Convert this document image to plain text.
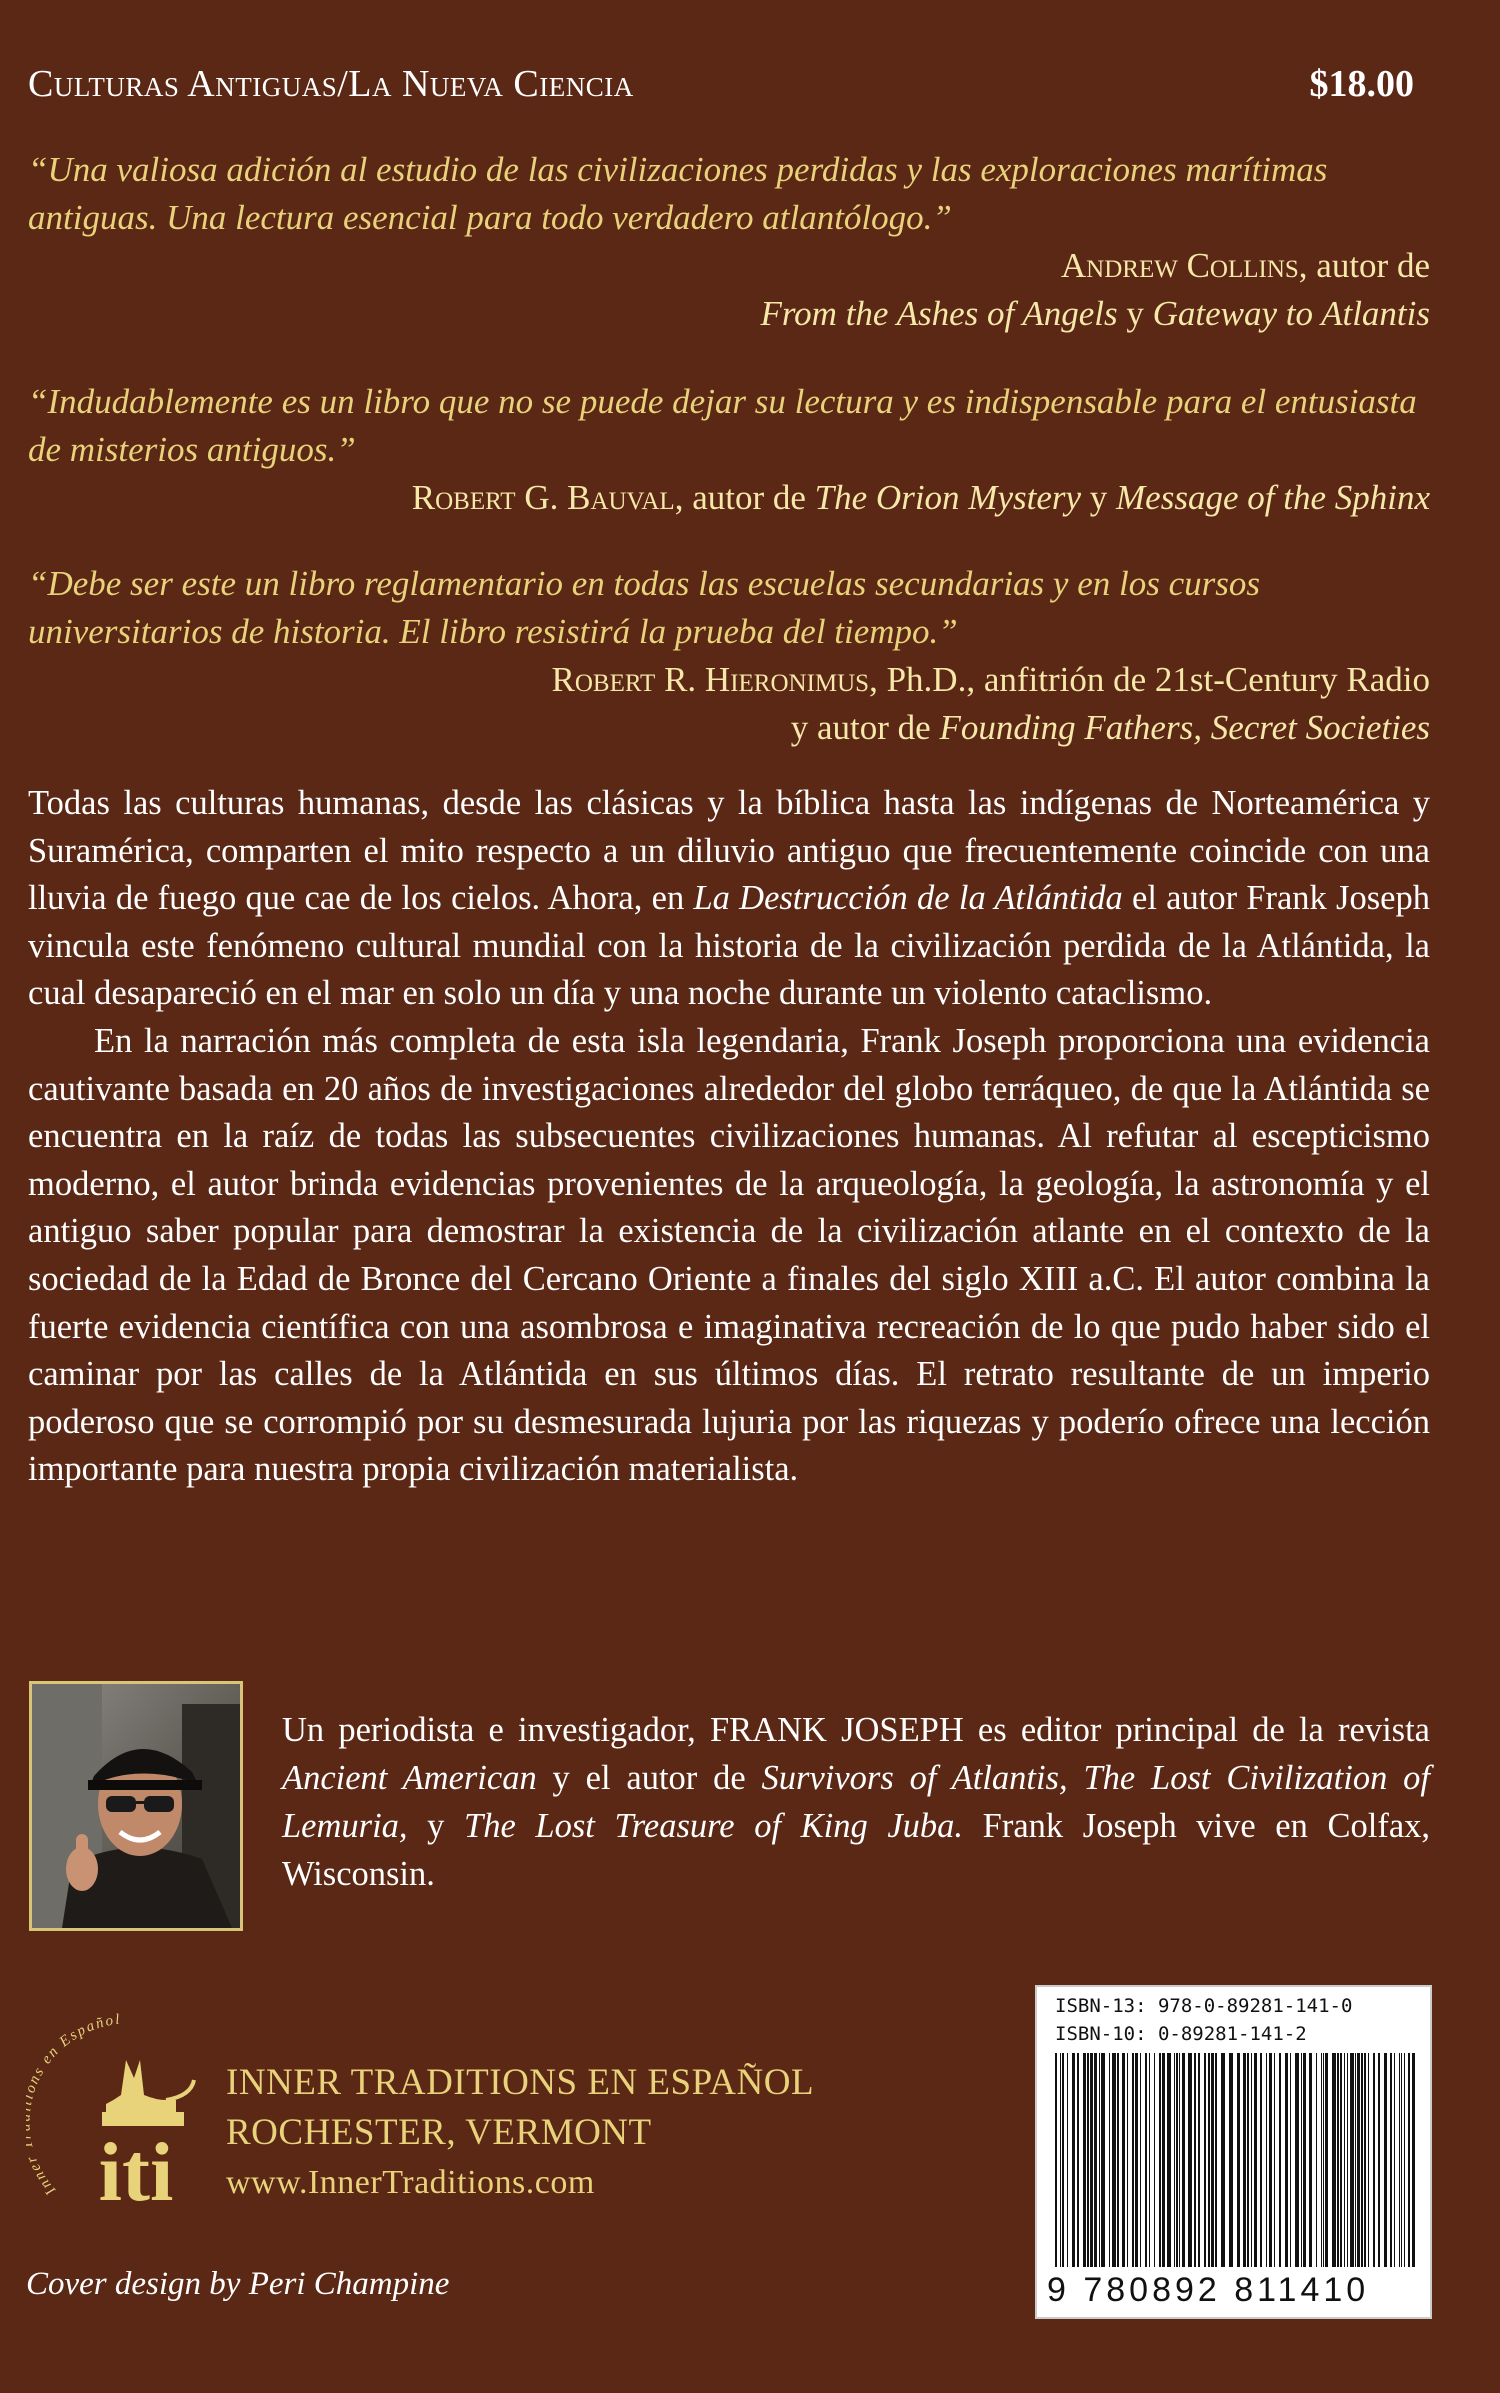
Culturas Antiguas/La Nueva Ciencia	$18.00
“Una valiosa adición al estudio de las civilizaciones perdidas y las exploraciones marítimas antiguas. Una lectura esencial para todo verdadero atlantólogo.”
Andrew Collins, autor de
From the Ashes of Angels y Gateway to Atlantis
“Indudablemente es un libro que no se puede dejar su lectura y es indispensable para el entusiasta de misterios antiguos.”
Robert G. Bauval, autor de The Orion Mystery y Message of the Sphinx
“Debe ser este un libro reglamentario en todas las escuelas secundarias y en los cursos universitarios de historia. El libro resistirá la prueba del tiempo.”
Robert R. Hieronimus, Ph.D., anfitrión de 21st-Century Radio
y autor de Founding Fathers, Secret Societies

Todas las culturas humanas, desde las clásicas y la bíblica hasta las indígenas de Norteamérica y Suramérica, comparten el mito respecto a un diluvio antiguo que frecuentemente coincide con una lluvia de fuego que cae de los cielos. Ahora, en La Destrucción de la Atlántida el autor Frank Joseph vincula este fenómeno cultural mundial con la historia de la civilización perdida de la Atlántida, la cual desapareció en el mar en solo un día y una noche durante un violento cataclismo.

En la narración más completa de esta isla legendaria, Frank Joseph proporciona una evidencia cautivante basada en 20 años de investigaciones alrededor del globo terráqueo, de que la Atlántida se encuentra en la raíz de todas las subsecuentes civilizaciones humanas. Al refutar al escepticismo moderno, el autor brinda evidencias provenientes de la arqueología, la geología, la astronomía y el antiguo saber popular para demostrar la existencia de la civilización atlante en el contexto de la sociedad de la Edad de Bronce del Cercano Oriente a finales del siglo XIII a.C. El autor combina la fuerte evidencia científica con una asombrosa e imaginativa recreación de lo que pudo haber sido el caminar por las calles de la Atlántida en sus últimos días. El retrato resultante de un imperio poderoso que se corrompió por su desmesurada lujuria por las riquezas y poderío ofrece una lección importante para nuestra propia civilización materialista.

Un periodista e investigador, FRANK JOSEPH es editor principal de la revista Ancient American y el autor de Survivors of Atlantis, The Lost Civilization of Lemuria, y The Lost Treasure of King Juba. Frank Joseph vive en Colfax, Wisconsin.
Inne ns en Español
iti
INNER TRADITIONS EN ESPAÑOL
ROCHESTER, VERMONT
www.InnerTraditions.com
ISBN-13: 978-0-89281-141-0
ISBN-10: 0-89281-141-2
9 780892 811410
Cover design by Peri Champine
